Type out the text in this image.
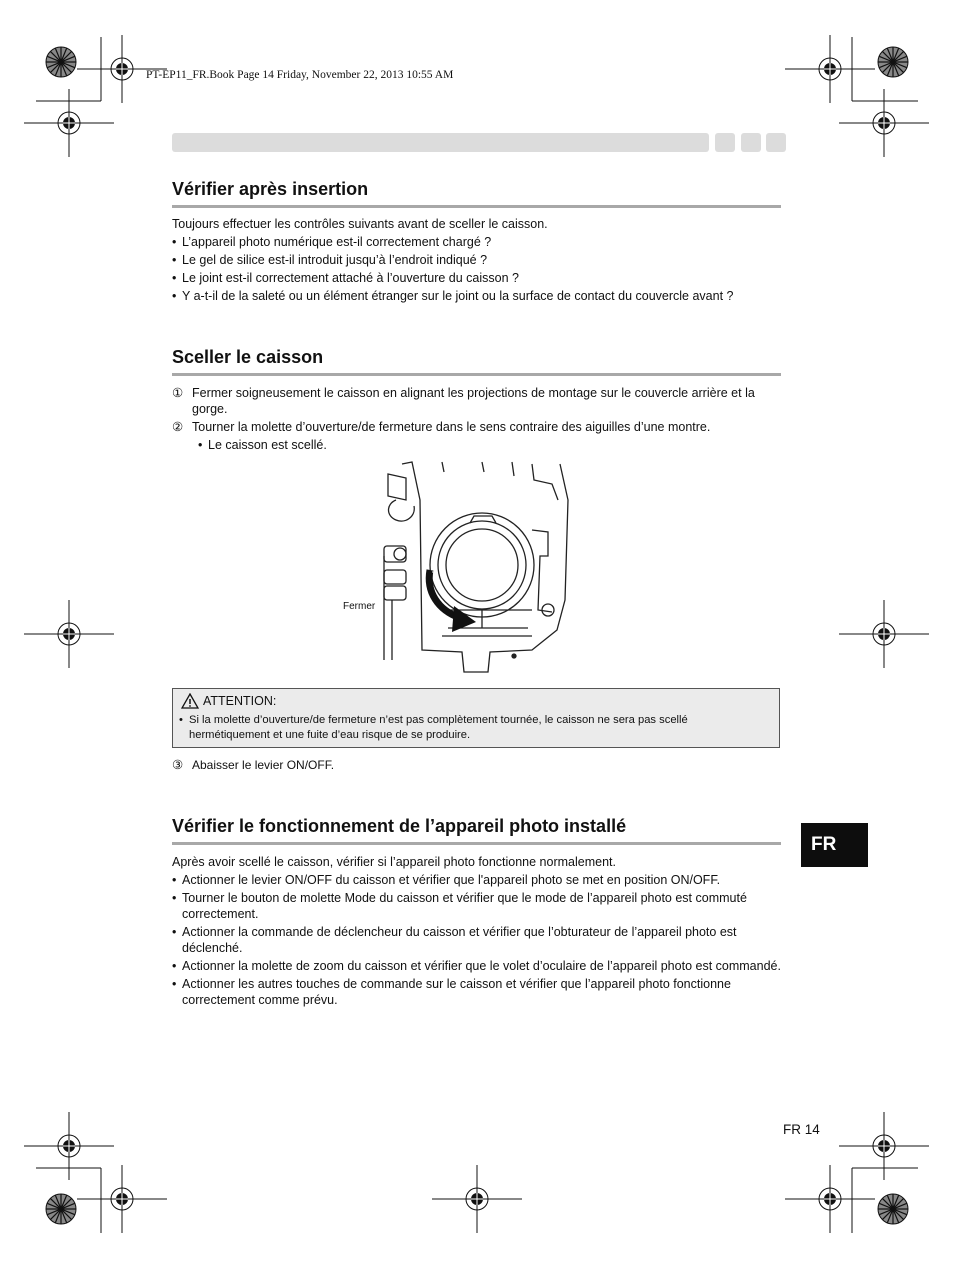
PT-EP11_FR.Book Page 14 Friday, November 22, 2013 10:55 AM
Vérifier après insertion
Toujours effectuer les contrôles suivants avant de sceller le caisson.
• L’appareil photo numérique est-il correctement chargé ?
• Le gel de silice est-il introduit jusqu’à l’endroit indiqué ?
• Le joint est-il correctement attaché à l’ouverture du caisson ?
• Y a-t-il de la saleté ou un élément étranger sur le joint ou la surface de contact du couvercle avant ?
Sceller le caisson
① Fermer soigneusement le caisson en alignant les projections de montage sur le couvercle arrière et la gorge.
② Tourner la molette d’ouverture/de fermeture dans le sens contraire des aiguilles d’une montre.
• Le caisson est scellé.
Fermer
ATTENTION:
• Si la molette d’ouverture/de fermeture n’est pas complètement tournée, le caisson ne sera pas scellé hermétiquement et une fuite d’eau risque de se produire.
③ Abaisser le levier ON/OFF.
Vérifier le fonctionnement de l’appareil photo installé
Après avoir scellé le caisson, vérifier si l’appareil photo fonctionne normalement.
• Actionner le levier ON/OFF du caisson et vérifier que l'appareil photo se met en position ON/OFF.
• Tourner le bouton de molette Mode du caisson et vérifier que le mode de l’appareil photo est commuté correctement.
• Actionner la commande de déclencheur du caisson et vérifier que l’obturateur de l’appareil photo est déclenché.
• Actionner la molette de zoom du caisson et vérifier que le volet d’oculaire de l’appareil photo est commandé.
• Actionner les autres touches de commande sur le caisson et vérifier que l’appareil photo fonctionne correctement comme prévu.
FR
FR 14
